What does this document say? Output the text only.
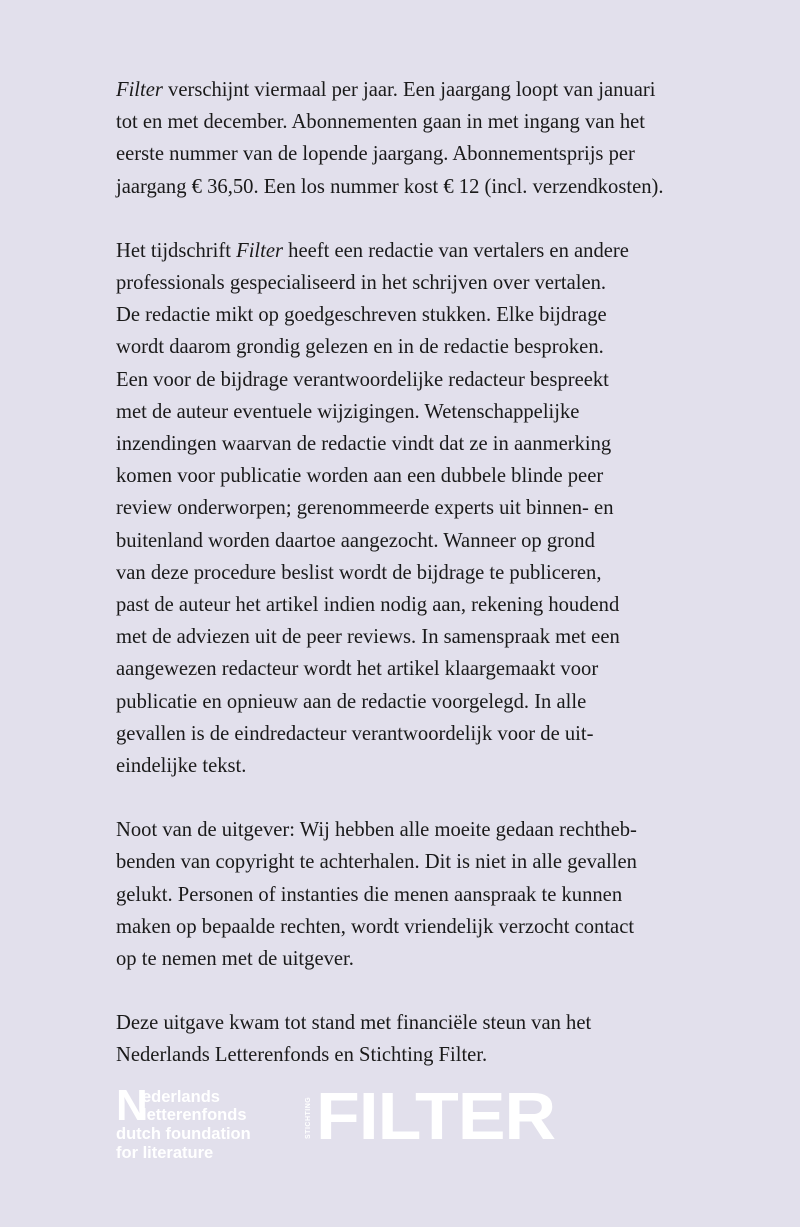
Filter verschijnt viermaal per jaar. Een jaargang loopt van januari
tot en met december. Abonnementen gaan in met ingang van het
eerste nummer van de lopende jaargang. Abonnementsprijs per
jaargang € 36,50. Een los nummer kost € 12 (incl. verzendkosten).

Het tijdschrift Filter heeft een redactie van vertalers en andere
professionals gespecialiseerd in het schrijven over vertalen.
De redactie mikt op goedgeschreven stukken. Elke bijdrage
wordt daarom grondig gelezen en in de redactie besproken.
Een voor de bijdrage verantwoordelijke redacteur bespreekt
met de auteur eventuele wijzigingen. Wetenschappelijke
inzendingen waarvan de redactie vindt dat ze in aanmerking
komen voor publicatie worden aan een dubbele blinde peer
review onderworpen; gerenommeerde experts uit binnen- en
buitenland worden daartoe aangezocht. Wanneer op grond
van deze procedure beslist wordt de bijdrage te publiceren,
past de auteur het artikel indien nodig aan, rekening houdend
met de adviezen uit de peer reviews. In samenspraak met een
aangewezen redacteur wordt het artikel klaargemaakt voor
publicatie en opnieuw aan de redactie voorgelegd. In alle
gevallen is de eindredacteur verantwoordelijk voor de uit-
eindelijke tekst.

Noot van de uitgever: Wij hebben alle moeite gedaan rechtheb-
benden van copyright te achterhalen. Dit is niet in alle gevallen
gelukt. Personen of instanties die menen aanspraak te kunnen
maken op bepaalde rechten, wordt vriendelijk verzocht contact
op te nemen met de uitgever.

Deze uitgave kwam tot stand met financiële steun van het
Nederlands Letterenfonds en Stichting Filter.

N
ederlands
letterenfonds
dutch foundation
for literature
STICHTING FILTER
